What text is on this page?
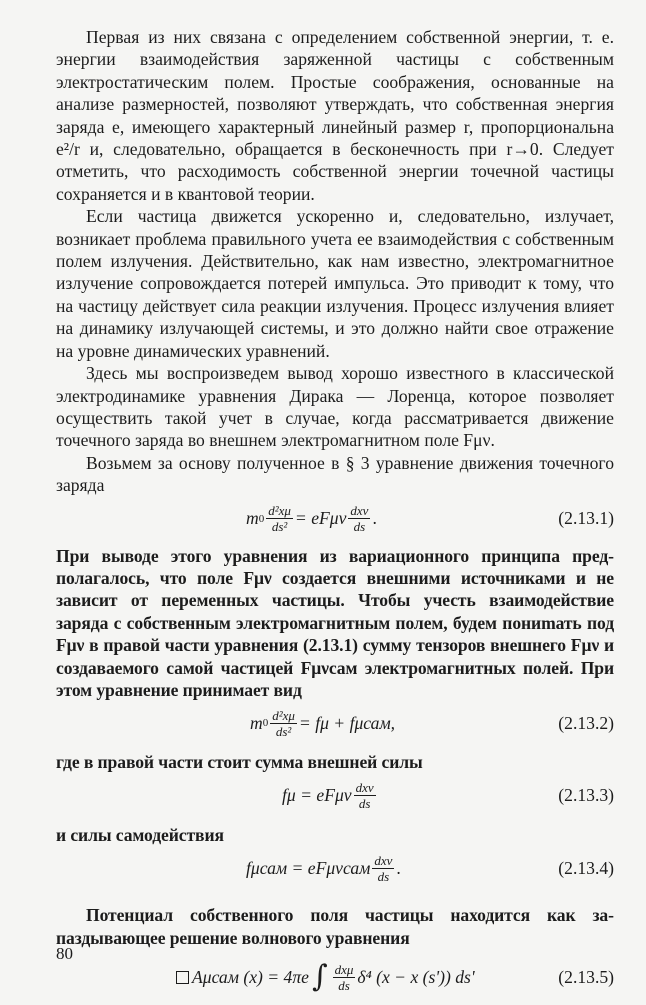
Первая из них связана с определением собственной энергии, т. е. энергии взаимодействия заряженной частицы с собственным электростатическим полем. Простые соображения, основанные на анализе размерностей, позволяют утверждать, что собственная энергия заряда e, имеющего характерный линейный размер r, пропорциональна e²/r и, следовательно, обращается в бесконечность при r→0. Следует отметить, что расходимость собственной энергии точечной частицы сохраняется и в квантовой теории.

Если частица движется ускоренно и, следовательно, излучает, возникает проблема правильного учета ее взаимодействия с собственным полем излучения. Действительно, как нам известно, электромагнитное излучение сопровождается потерей импульса. Это приводит к тому, что на частицу действует сила реакции излучения. Процесс излучения влияет на динамику излучающей системы, и это должно найти свое отражение на уровне динамических уравнений.

Здесь мы воспроизведем вывод хорошо известного в классической электродинамике уравнения Дирака — Лоренца, которое позволяет осуществить такой учет в случае, когда рассматривается движение точечного заряда во внешнем электромагнитном поле Fμν.

Возьмем за основу полученное в § 3 уравнение движения точечного заряда

m $0 \frac{\text{d²xμ}}{\text{ds²}} = eF\mu\nu \frac{\text{dxν}}{ds}$ .	(2.13.1)

При выводе этого уравнения из вариационного принципа предполагалось, что поле Fμν создается внешними источниками и не зависит от переменных частицы. Чтобы учесть взаимодействие заряда с собственным электромагнитным полем, будем пониmать под Fμν в правой части уравнения (2.13.1) сумму тензоров внешнего Fμν и создаваемого самой частицей Fμνсам электромагнитных полей. При этом уравнение принимает вид

m $0 \frac{\text{d²xμ}}{\text{ds²}} = f\mu + f\mu сам$,	(2.13.2)

где в правой части стоит сумма внешней силы

fμ = eFμν $\frac{\text{dxν}}{ds}$	(2.13.3)

и силы самодействия

fμсам = eFμνсам $\frac{\text{dxν}}{ds}$ .	(2.13.4)

Потенциал собственного поля частицы находится как запаздывающее решение волнового уравнения

Aμсам (x) = 4πe ∫ $\frac{\text{dxμ}}{ds} \delta^4$ (x − x (s')) ds'	(2.13.5)
80
